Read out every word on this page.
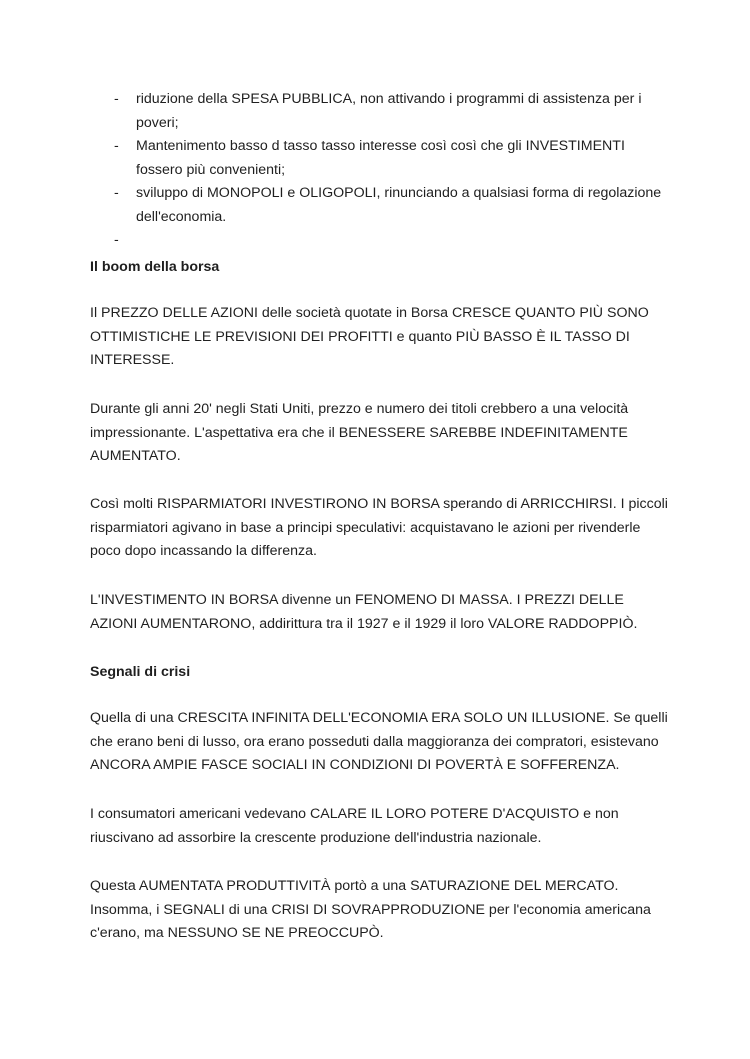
- riduzione della SPESA PUBBLICA, non attivando i programmi di assistenza per i poveri;
- Mantenimento basso d tasso tasso interesse così così che gli INVESTIMENTI fossero più convenienti;
- sviluppo di MONOPOLI e OLIGOPOLI, rinunciando a qualsiasi forma di regolazione dell'economia.
-

Il boom della borsa

Il PREZZO DELLE AZIONI delle società quotate in Borsa CRESCE QUANTO PIÙ SONO OTTIMISTICHE LE PREVISIONI DEI PROFITTI e quanto PIÙ BASSO È IL TASSO DI INTERESSE.

Durante gli anni 20' negli Stati Uniti, prezzo e numero dei titoli crebbero a una velocità impressionante. L'aspettativa era che il BENESSERE SAREBBE INDEFINITAMENTE AUMENTATO.

Così molti RISPARMIATORI INVESTIRONO IN BORSA sperando di ARRICCHIRSI. I piccoli risparmiatori agivano in base a principi speculativi: acquistavano le azioni per rivenderle poco dopo incassando la differenza.

L'INVESTIMENTO IN BORSA divenne un FENOMENO DI MASSA. I PREZZI DELLE AZIONI AUMENTARONO, addirittura tra il 1927 e il 1929 il loro VALORE RADDOPPIÒ.

Segnali di crisi

Quella di una CRESCITA INFINITA DELL'ECONOMIA ERA SOLO UN ILLUSIONE. Se quelli che erano beni di lusso, ora erano posseduti dalla maggioranza dei compratori, esistevano ANCORA AMPIE FASCE SOCIALI IN CONDIZIONI DI POVERTÀ E SOFFERENZA.

I consumatori americani vedevano CALARE IL LORO POTERE D'ACQUISTO e non riuscivano ad assorbire la crescente produzione dell'industria nazionale.

Questa AUMENTATA PRODUTTIVITÀ portò a una SATURAZIONE DEL MERCATO. Insomma, i SEGNALI di una CRISI DI SOVRAPPRODUZIONE per l'economia americana c'erano, ma NESSUNO SE NE PREOCCUPÒ.
